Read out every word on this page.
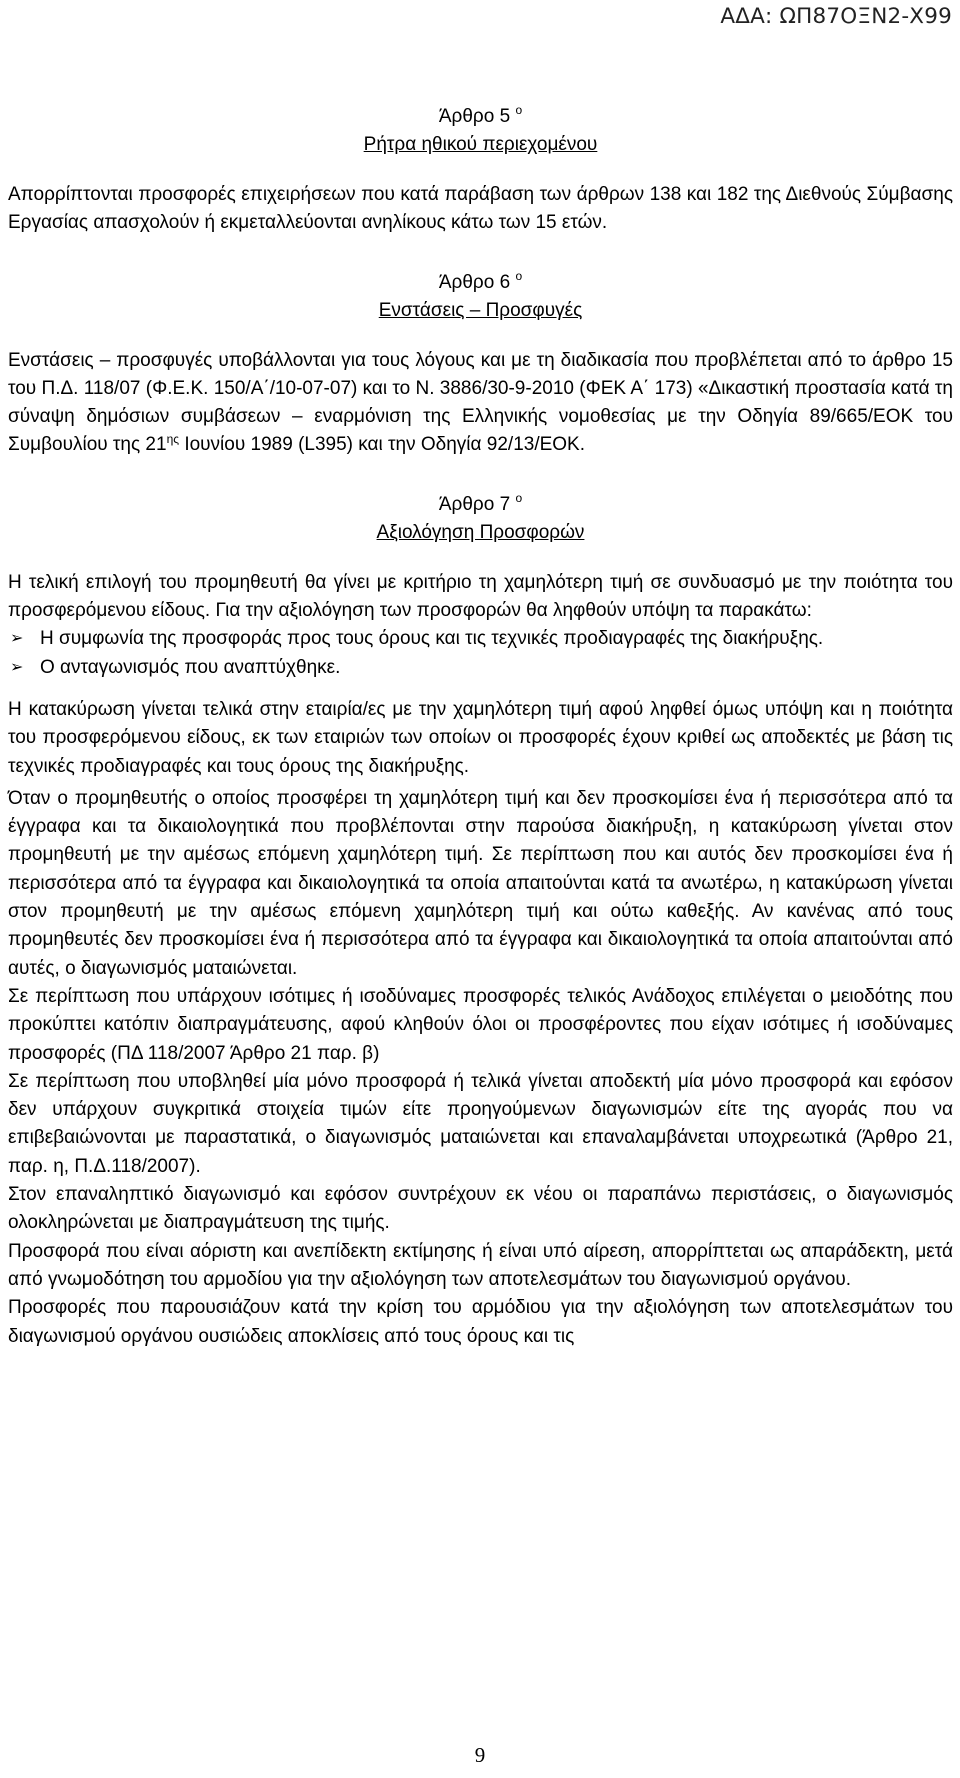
ΑΔΑ: ΩΠ87ΟΞΝ2-Χ99
Άρθρο 5 $^o$
Ρήτρα ηθικού περιεχομένου

Απορρίπτονται προσφορές επιχειρήσεων που κατά παράβαση των άρθρων 138 και 182 της Διεθνούς Σύμβασης Εργασίας απασχολούν ή εκμεταλλεύονται ανηλίκους κάτω των 15 ετών.

Άρθρο 6 $^o$
Ενστάσεις – Προσφυγές

Ενστάσεις – προσφυγές υποβάλλονται για τους λόγους και με τη διαδικασία που προβλέπεται από το άρθρο 15 του Π.Δ. 118/07 (Φ.Ε.Κ. 150/Α΄/10-07-07) και το Ν. 3886/30-9-2010 (ΦΕΚ Α΄ 173) «Δικαστική προστασία κατά τη σύναψη δημόσιων συμβάσεων – εναρμόνιση της Ελληνικής νομοθεσίας με την Οδηγία 89/665/ΕΟΚ του Συμβουλίου της $21^{\eta\varsigma}$ Ιουνίου 1989 (L395) και την Οδηγία 92/13/ΕΟΚ.

Άρθρο 7 $^o$
Αξιολόγηση Προσφορών

Η τελική επιλογή του προμηθευτή θα γίνει με κριτήριο τη χαμηλότερη τιμή σε συνδυασμό με την ποιότητα του προσφερόμενου είδους. Για την αξιολόγηση των προσφορών θα ληφθούν υπόψη τα παρακάτω:

➢ Η συμφωνία της προσφοράς προς τους όρους και τις τεχνικές προδιαγραφές της διακήρυξης.
➢ Ο ανταγωνισμός που αναπτύχθηκε.

Η κατακύρωση γίνεται τελικά στην εταιρία/ες με την χαμηλότερη τιμή αφού ληφθεί όμως υπόψη και η ποιότητα του προσφερόμενου είδους, εκ των εταιριών των οποίων οι προσφορές έχουν κριθεί ως αποδεκτές με βάση τις τεχνικές προδιαγραφές και τους όρους της διακήρυξης.

Όταν ο προμηθευτής ο οποίος προσφέρει τη χαμηλότερη τιμή και δεν προσκομίσει ένα ή περισσότερα από τα έγγραφα και τα δικαιολογητικά που προβλέπονται στην παρούσα διακήρυξη, η κατακύρωση γίνεται στον προμηθευτή με την αμέσως επόμενη χαμηλότερη τιμή. Σε περίπτωση που και αυτός δεν προσκομίσει ένα ή περισσότερα από τα έγγραφα και δικαιολογητικά τα οποία απαιτούνται κατά τα ανωτέρω, η κατακύρωση γίνεται στον προμηθευτή με την αμέσως επόμενη χαμηλότερη τιμή και ούτω καθεξής. Αν κανένας από τους προμηθευτές δεν προσκομίσει ένα ή περισσότερα από τα έγγραφα και δικαιολογητικά τα οποία απαιτούνται από αυτές, ο διαγωνισμός ματαιώνεται.

Σε περίπτωση που υπάρχουν ισότιμες ή ισοδύναμες προσφορές τελικός Ανάδοχος επιλέγεται ο μειοδότης που προκύπτει κατόπιν διαπραγμάτευσης, αφού κληθούν όλοι οι προσφέροντες που είχαν ισότιμες ή ισοδύναμες προσφορές (ΠΔ 118/2007 Άρθρο 21 παρ. β)

Σε περίπτωση που υποβληθεί μία μόνο προσφορά ή τελικά γίνεται αποδεκτή μία μόνο προσφορά και εφόσον δεν υπάρχουν συγκριτικά στοιχεία τιμών είτε προηγούμενων διαγωνισμών είτε της αγοράς που να επιβεβαιώνονται με παραστατικά, ο διαγωνισμός ματαιώνεται και επαναλαμβάνεται υποχρεωτικά (Άρθρο 21, παρ. η, Π.Δ.118/2007).

Στον επαναληπτικό διαγωνισμό και εφόσον συντρέχουν εκ νέου οι παραπάνω περιστάσεις, ο διαγωνισμός ολοκληρώνεται με διαπραγμάτευση της τιμής.

Προσφορά που είναι αόριστη και ανεπίδεκτη εκτίμησης ή είναι υπό αίρεση, απορρίπτεται ως απαράδεκτη, μετά από γνωμοδότηση του αρμοδίου για την αξιολόγηση των αποτελεσμάτων του διαγωνισμού οργάνου.

Προσφορές που παρουσιάζουν κατά την κρίση του αρμόδιου για την αξιολόγηση των αποτελεσμάτων του διαγωνισμού οργάνου ουσιώδεις αποκλίσεις από τους όρους και τις

9
